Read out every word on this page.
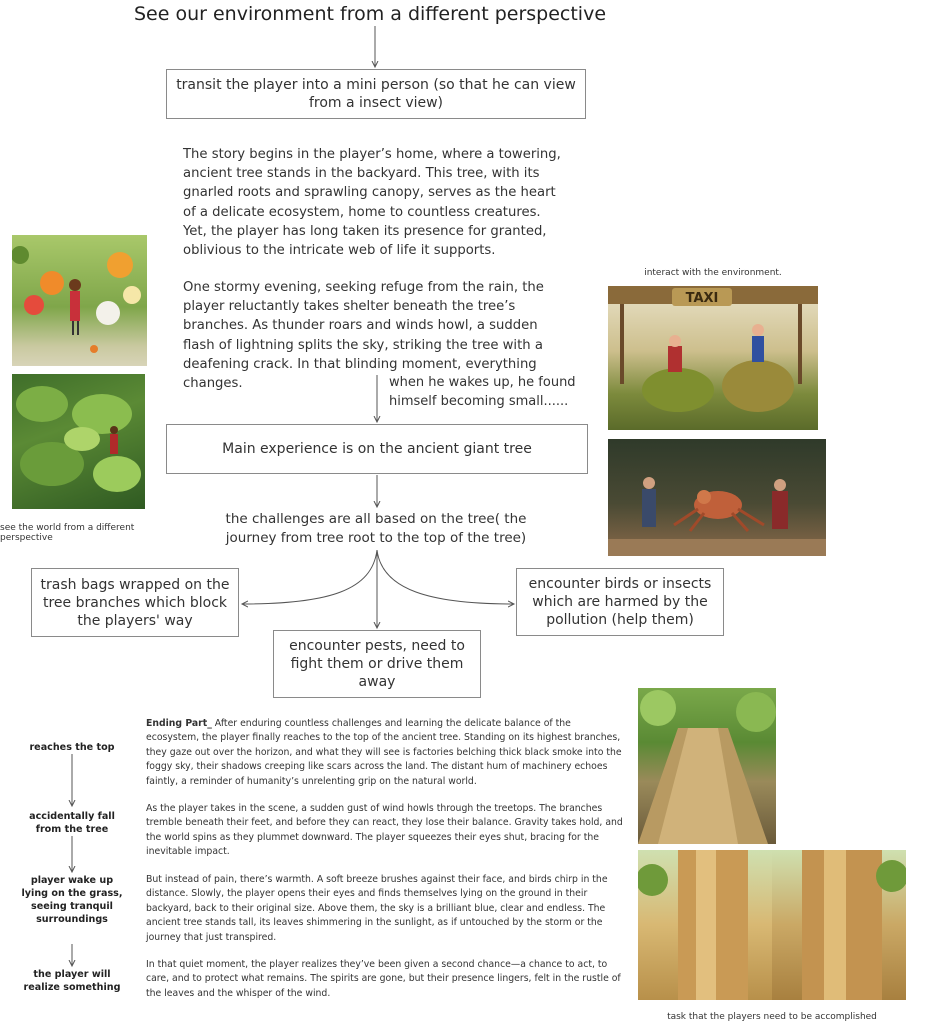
See our environment from a different perspective
transit the player into a mini person (so that he can view from a insect view)
The story begins in the player’s home, where a towering, ancient tree stands in the backyard. This tree, with its gnarled roots and sprawling canopy, serves as the heart of a delicate ecosystem, home to countless creatures. Yet, the player has long taken its presence for granted, oblivious to the intricate web of life it supports.
One stormy evening, seeking refuge from the rain, the player reluctantly takes shelter beneath the tree’s branches. As thunder roars and winds howl, a sudden flash of lightning splits the sky, striking the tree with a deafening crack. In that blinding moment, everything changes.	when he wakes up, he found himself becoming small......
Main experience is on the ancient giant tree
the challenges are all based on the tree( the journey from tree root to the top of the tree)
trash bags wrapped on the tree branches which block the players' way
encounter pests, need to fight them or drive them away
encounter birds or insects which are harmed by the pollution (help them)
see the world from a different perspective
interact with the environment.
TAXI
reaches the top
accidentally fall from the tree
player wake up lying on the grass, seeing tranquil surroundings
the player will realize something
Ending Part_ After enduring countless challenges and learning the delicate balance of the ecosystem, the player finally reaches to the top of the ancient tree. Standing on its highest branches, they gaze out over the horizon, and what they will see is factories belching thick black smoke into the foggy sky, their shadows creeping like scars across the land. The distant hum of machinery echoes faintly, a reminder of humanity’s unrelenting grip on the natural world.
As the player takes in the scene, a sudden gust of wind howls through the treetops. The branches tremble beneath their feet, and before they can react, they lose their balance. Gravity takes hold, and the world spins as they plummet downward. The player squeezes their eyes shut, bracing for the inevitable impact.
But instead of pain, there’s warmth. A soft breeze brushes against their face, and birds chirp in the distance. Slowly, the player opens their eyes and finds themselves lying on the ground in their backyard, back to their original size. Above them, the sky is a brilliant blue, clear and endless. The ancient tree stands tall, its leaves shimmering in the sunlight, as if untouched by the storm or the journey that just transpired.
In that quiet moment, the player realizes they’ve been given a second chance—a chance to act, to care, and to protect what remains. The spirits are gone, but their presence lingers, felt in the rustle of the leaves and the whisper of the wind.
task that the players need to be accomplished
